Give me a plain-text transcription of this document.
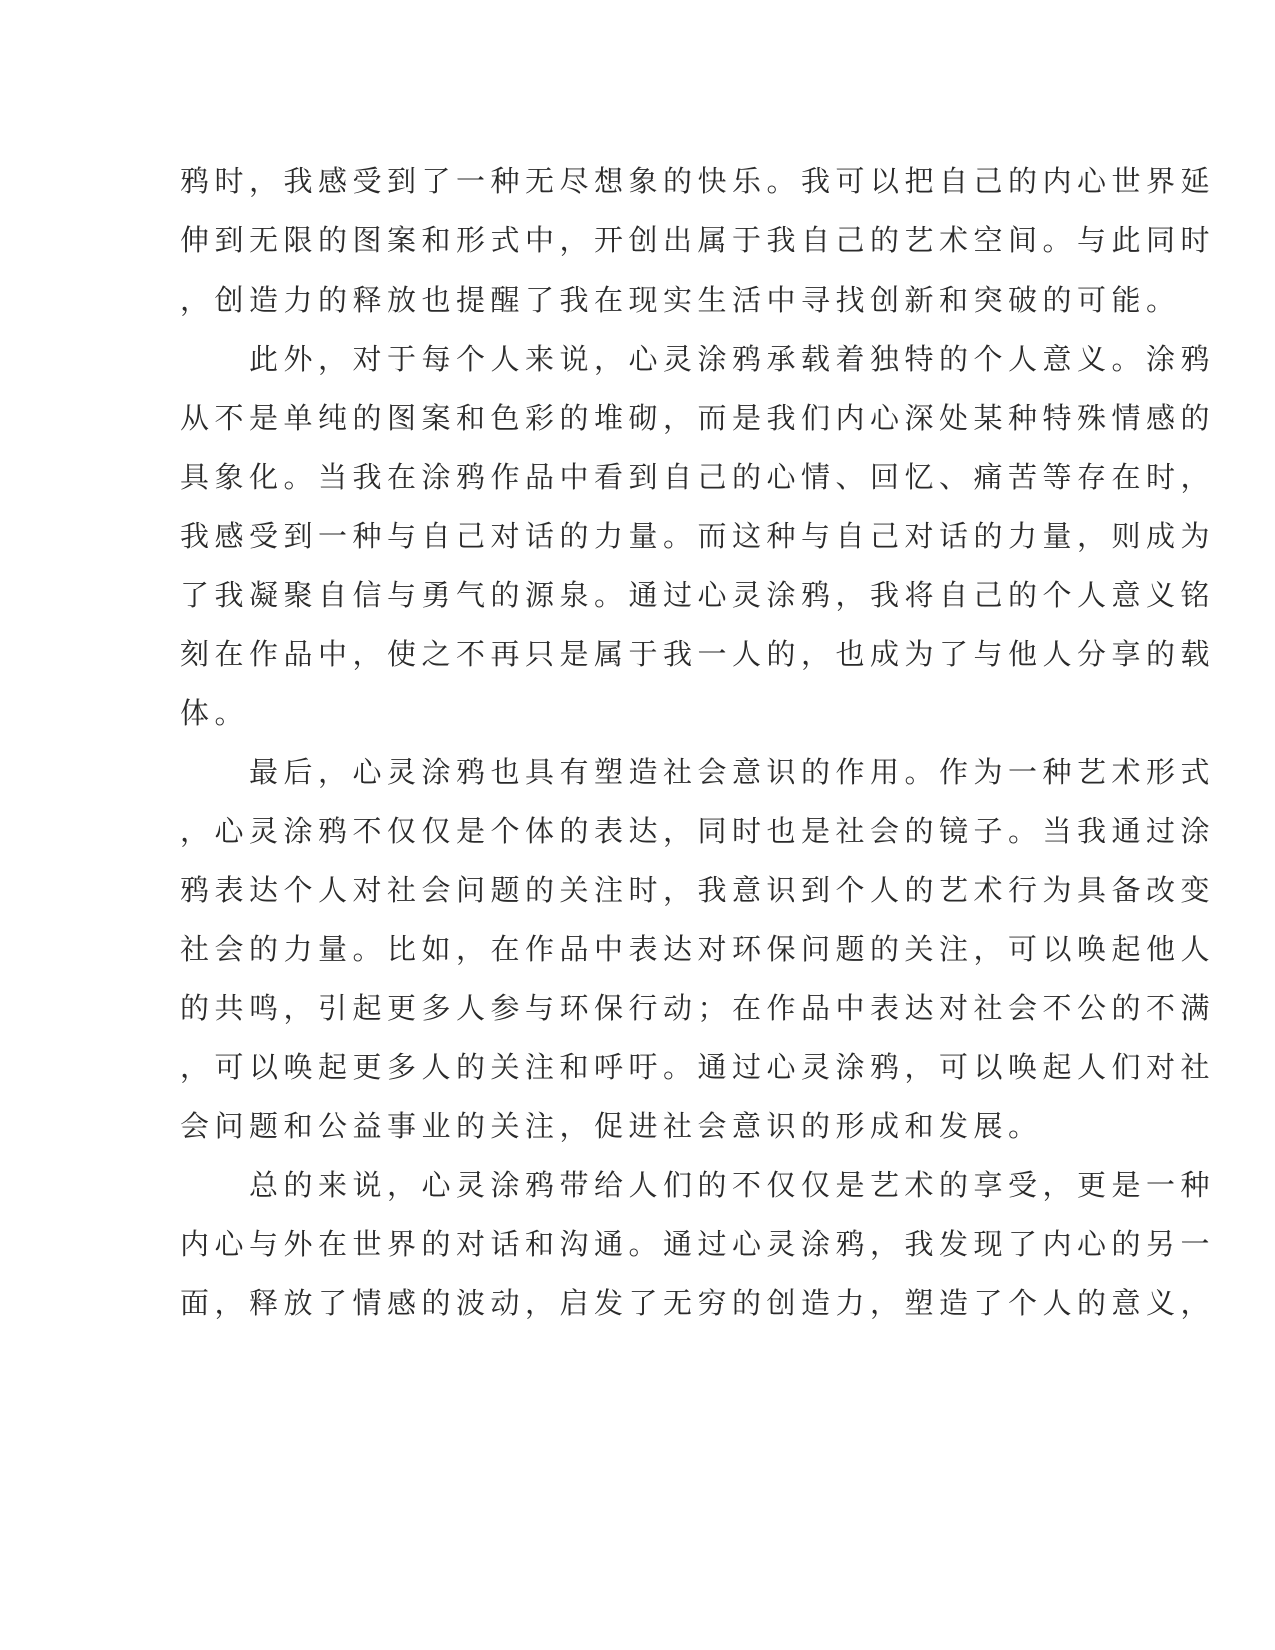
鸦时，我感受到了一种无尽想象的快乐。我可以把自己的内心世界延

伸到无限的图案和形式中，开创出属于我自己的艺术空间。与此同时

，创造力的释放也提醒了我在现实生活中寻找创新和突破的可能。

　　此外，对于每个人来说，心灵涂鸦承载着独特的个人意义。涂鸦

从不是单纯的图案和色彩的堆砌，而是我们内心深处某种特殊情感的

具象化。当我在涂鸦作品中看到自己的心情、回忆、痛苦等存在时，

我感受到一种与自己对话的力量。而这种与自己对话的力量，则成为

了我凝聚自信与勇气的源泉。通过心灵涂鸦，我将自己的个人意义铭

刻在作品中，使之不再只是属于我一人的，也成为了与他人分享的载

体。

　　最后，心灵涂鸦也具有塑造社会意识的作用。作为一种艺术形式

，心灵涂鸦不仅仅是个体的表达，同时也是社会的镜子。当我通过涂

鸦表达个人对社会问题的关注时，我意识到个人的艺术行为具备改变

社会的力量。比如，在作品中表达对环保问题的关注，可以唤起他人

的共鸣，引起更多人参与环保行动；在作品中表达对社会不公的不满

，可以唤起更多人的关注和呼吁。通过心灵涂鸦，可以唤起人们对社

会问题和公益事业的关注，促进社会意识的形成和发展。

　　总的来说，心灵涂鸦带给人们的不仅仅是艺术的享受，更是一种

内心与外在世界的对话和沟通。通过心灵涂鸦，我发现了内心的另一

面，释放了情感的波动，启发了无穷的创造力，塑造了个人的意义，
